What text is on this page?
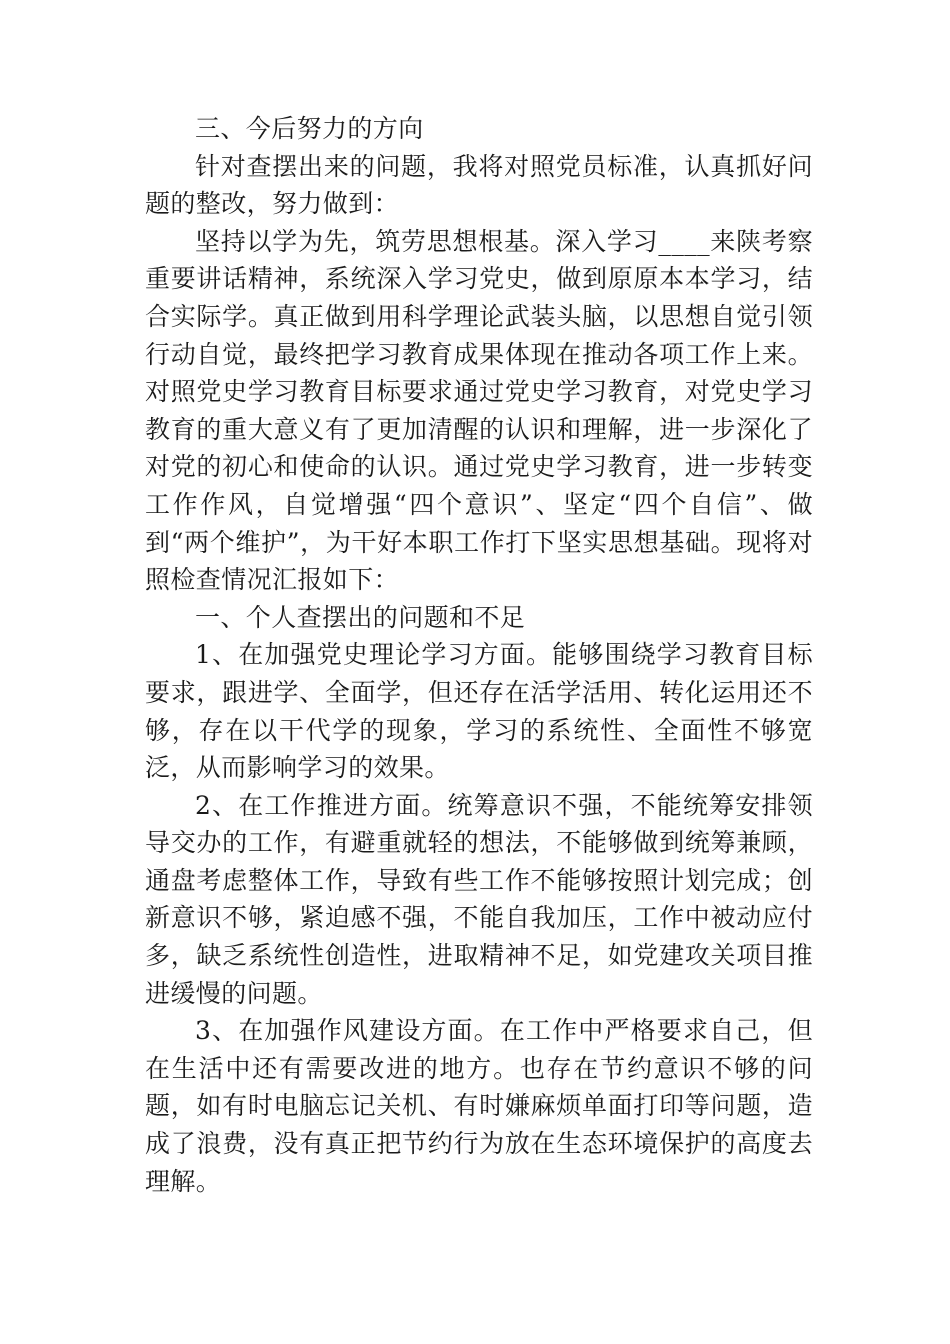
三、今后努力的方向

针对查摆出来的问题，我将对照党员标准，认真抓好问题的整改，努力做到：

坚持以学为先，筑劳思想根基。深入学习____来陕考察重要讲话精神，系统深入学习党史，做到原原本本学习，结合实际学。真正做到用科学理论武装头脑，以思想自觉引领行动自觉，最终把学习教育成果体现在推动各项工作上来。对照党史学习教育目标要求通过党史学习教育，对党史学习教育的重大意义有了更加清醒的认识和理解，进一步深化了对党的初心和使命的认识。通过党史学习教育，进一步转变工作作风，自觉增强“四个意识”、坚定“四个自信”、做到“两个维护”，为干好本职工作打下坚实思想基础。现将对照检查情况汇报如下：

一、个人查摆出的问题和不足

1、在加强党史理论学习方面。能够围绕学习教育目标要求，跟进学、全面学，但还存在活学活用、转化运用还不够，存在以干代学的现象，学习的系统性、全面性不够宽泛，从而影响学习的效果。

2、在工作推进方面。统筹意识不强，不能统筹安排领导交办的工作，有避重就轻的想法，不能够做到统筹兼顾，通盘考虑整体工作，导致有些工作不能够按照计划完成；创新意识不够，紧迫感不强，不能自我加压，工作中被动应付多，缺乏系统性创造性，进取精神不足，如党建攻关项目推进缓慢的问题。

3、在加强作风建设方面。在工作中严格要求自己，但在生活中还有需要改进的地方。也存在节约意识不够的问题，如有时电脑忘记关机、有时嫌麻烦单面打印等问题，造成了浪费，没有真正把节约行为放在生态环境保护的高度去理解。
